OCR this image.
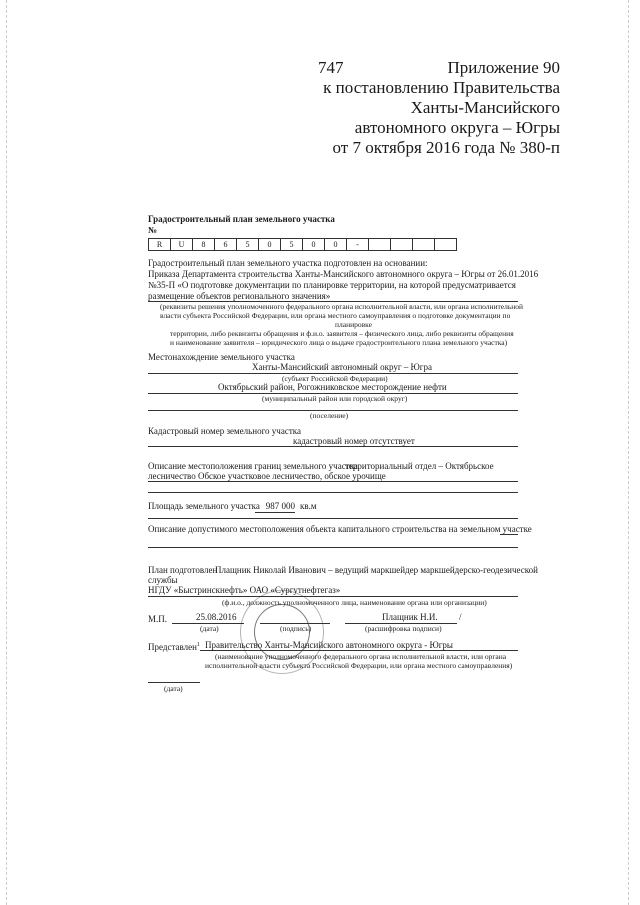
747	Приложение 90
к постановлению Правительства
Ханты-Мансийского
автономного округа – Югры
от 7 октября 2016 года № 380-п
Градостроительный план земельного участка
№
R	U	8	6	5	0	5	0	0	-
Градостроительный план земельного участка подготовлен на основании:
Приказа Департамента строительства Ханты-Мансийского автономного округа – Югры от 26.01.2016
№35-П «О подготовке документации по планировке территории, на которой предусматривается
размещение объектов регионального значения»
(реквизиты решения уполномоченного федерального органа исполнительной власти, или органа исполнительной
власти субъекта Российской Федерации, или органа местного самоуправления о подготовке документации по
планировке
территории, либо реквизиты обращения и ф.и.о. заявителя – физического лица, либо реквизиты обращения
и наименование заявителя – юридического лица о выдаче градостроительного плана земельного участка)
Местонахождение земельного участка
Ханты-Мансийский автономный округ – Югра
(субъект Российской Федерации)
Октябрьский район, Рогожниковское месторождение нефти
(муниципальный район или городской округ)
(поселение)
Кадастровый номер земельного участка
кадастровый номер отсутствует
Описание местоположения границ земельного участка
территориальный отдел – Октябрьское
лесничество Обское участковое лесничество, обское урочище
Площадь земельного участка 987 000 кв.м
Описание допустимого местоположения объекта капитального строительства на земельном участке
План подготовлен
Плащник Николай Иванович – ведущий маркшейдер маркшейдерско-геодезической
службы
НГДУ «Быстринскнефть» ОАО «Сургутнефтегаз»
(ф.и.о., должность уполномоченного лица, наименование органа или организации)
М.П.	25.08.2016
(дата)	(подпись)
Плащник Н.И. /
(расшифровка подписи)
Представлен$^1$ Правительство Ханты-Мансийского автономного округа - Югры
(наименование уполномоченного федерального органа исполнительной власти, или органа
исполнительной власти субъекта Российской Федерации, или органа местного самоуправления)
(дата)
